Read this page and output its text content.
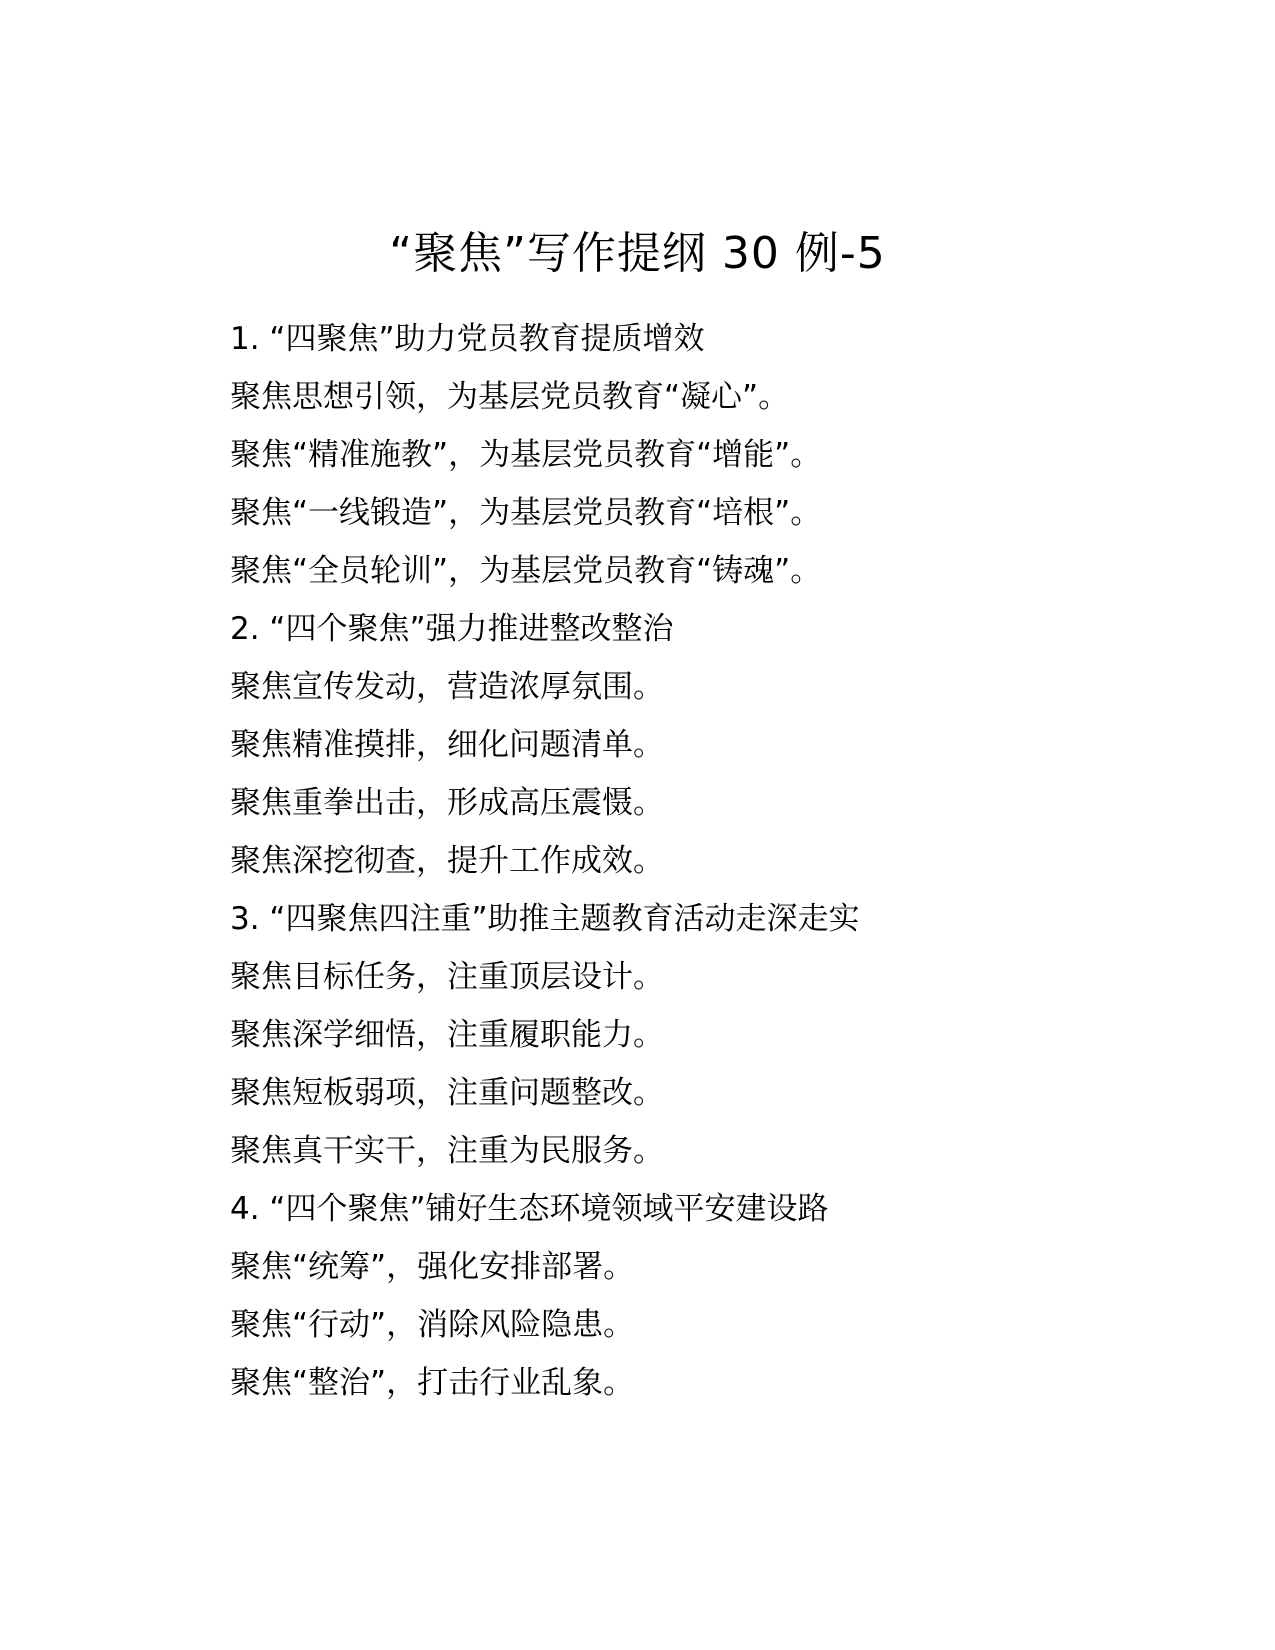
“聚焦”写作提纲 30 例-5
1. “四聚焦”助力党员教育提质增效
聚焦思想引领，为基层党员教育“凝心”。
聚焦“精准施教”，为基层党员教育“增能”。
聚焦“一线锻造”，为基层党员教育“培根”。
聚焦“全员轮训”，为基层党员教育“铸魂”。
2. “四个聚焦”强力推进整改整治
聚焦宣传发动，营造浓厚氛围。
聚焦精准摸排，细化问题清单。
聚焦重拳出击，形成高压震慑。
聚焦深挖彻查，提升工作成效。
3. “四聚焦四注重”助推主题教育活动走深走实
聚焦目标任务，注重顶层设计。
聚焦深学细悟，注重履职能力。
聚焦短板弱项，注重问题整改。
聚焦真干实干，注重为民服务。
4. “四个聚焦”铺好生态环境领域平安建设路
聚焦“统筹”，强化安排部署。
聚焦“行动”，消除风险隐患。
聚焦“整治”，打击行业乱象。
